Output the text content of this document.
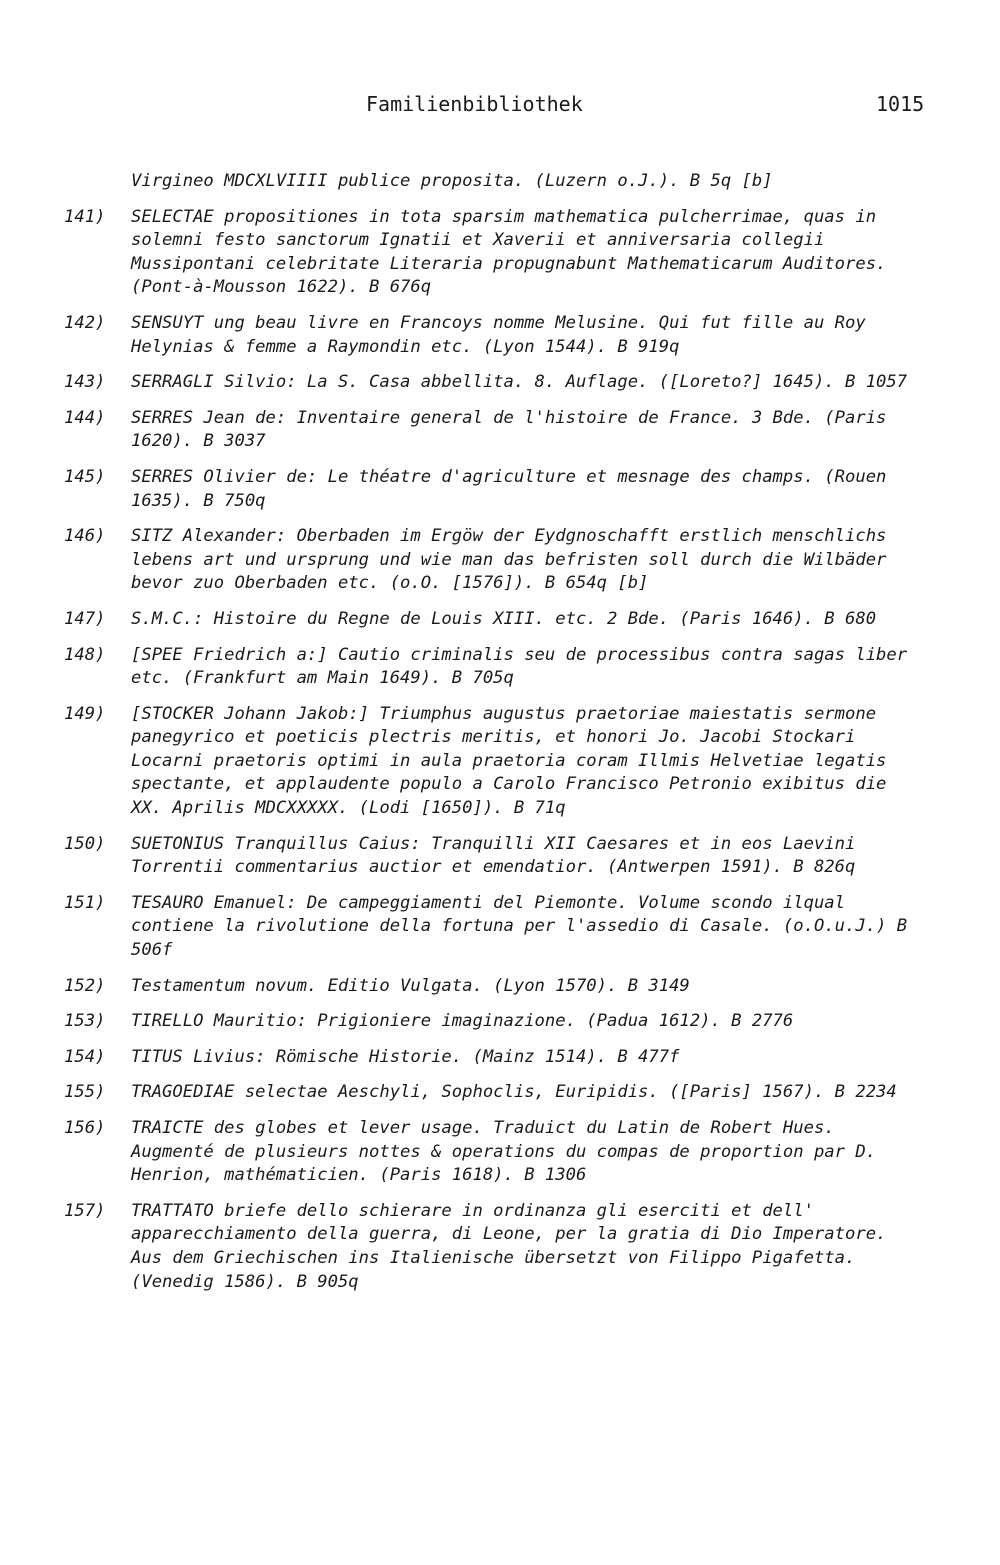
Familienbibliothek	1015
Virgineo MDCXLVIIII publice proposita. (Luzern o.J.). B 5q [b]
141) SELECTAE propositiones in tota sparsim mathematica pulcherrimae, quas in solemni festo sanctorum Ignatii et Xaverii et anniversaria collegii Mussipontani celebritate Literaria propugnabunt Mathematicarum Auditores. (Pont-à-Mousson 1622). B 676q
142) SENSUYT ung beau livre en Francoys nomme Melusine. Qui fut fille au Roy Helynias & femme a Raymondin etc. (Lyon 1544). B 919q
143) SERRAGLI Silvio: La S. Casa abbellita. 8. Auflage. ([Loreto?] 1645). B 1057
144) SERRES Jean de: Inventaire general de l'histoire de France. 3 Bde. (Paris 1620). B 3037
145) SERRES Olivier de: Le théatre d'agriculture et mesnage des champs. (Rouen 1635). B 750q
146) SITZ Alexander: Oberbaden im Ergöw der Eydgnoschafft erstlich menschlichs lebens art und ursprung und wie man das befristen soll durch die Wilbäder bevor zuo Oberbaden etc. (o.O. [1576]). B 654q [b]
147) S.M.C.: Histoire du Regne de Louis XIII. etc. 2 Bde. (Paris 1646). B 680
148) [SPEE Friedrich a:] Cautio criminalis seu de processibus contra sagas liber etc. (Frankfurt am Main 1649). B 705q
149) [STOCKER Johann Jakob:] Triumphus augustus praetoriae maiestatis sermone panegyrico et poeticis plectris meritis, et honori Jo. Jacobi Stockari Locarni praetoris optimi in aula praetoria coram Illmis Helvetiae legatis spectante, et applaudente populo a Carolo Francisco Petronio exibitus die XX. Aprilis MDCXXXXX. (Lodi [1650]). B 71q
150) SUETONIUS Tranquillus Caius: Tranquilli XII Caesares et in eos Laevini Torrentii commentarius auctior et emendatior. (Antwerpen 1591). B 826q
151) TESAURO Emanuel: De campeggiamenti del Piemonte. Volume scondo ilqual contiene la rivolutione della fortuna per l'assedio di Casale. (o.O.u.J.) B 506f
152) Testamentum novum. Editio Vulgata. (Lyon 1570). B 3149
153) TIRELLO Mauritio: Prigioniere imaginazione. (Padua 1612). B 2776
154) TITUS Livius: Römische Historie. (Mainz 1514). B 477f
155) TRAGOEDIAE selectae Aeschyli, Sophoclis, Euripidis. ([Paris] 1567). B 2234
156) TRAICTE des globes et lever usage. Traduict du Latin de Robert Hues. Augmenté de plusieurs nottes & operations du compas de proportion par D. Henrion, mathématicien. (Paris 1618). B 1306
157) TRATTATO briefe dello schierare in ordinanza gli eserciti et dell' apparecchiamento della guerra, di Leone, per la gratia di Dio Imperatore. Aus dem Griechischen ins Italienische übersetzt von Filippo Pigafetta. (Venedig 1586). B 905q
